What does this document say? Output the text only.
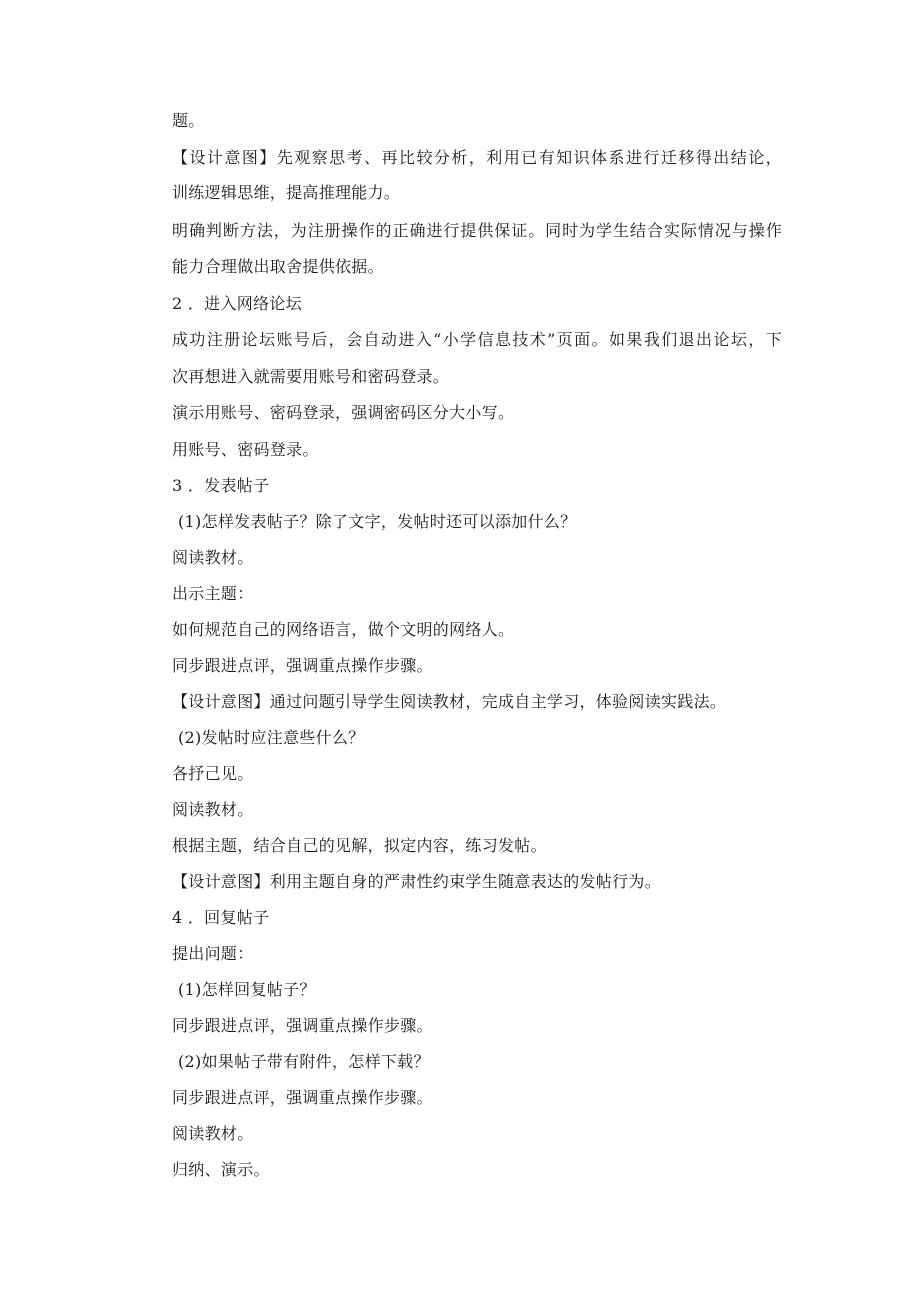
题。
【设计意图】先观察思考、再比较分析，利用已有知识体系进行迁移得出结论，
训练逻辑思维，提高推理能力。
明确判断方法，为注册操作的正确进行提供保证。同时为学生结合实际情况与操作
能力合理做出取舍提供依据。
2 ．进入网络论坛
成功注册论坛账号后，会自动进入“小学信息技术”页面。如果我们退出论坛，下
次再想进入就需要用账号和密码登录。
演示用账号、密码登录，强调密码区分大小写。
用账号、密码登录。
3 ．发表帖子
(1)怎样发表帖子？除了文字，发帖时还可以添加什么？
阅读教材。
出示主题：
如何规范自己的网络语言，做个文明的网络人。
同步跟进点评，强调重点操作步骤。
【设计意图】通过问题引导学生阅读教材，完成自主学习，体验阅读实践法。
(2)发帖时应注意些什么？
各抒己见。
阅读教材。
根据主题，结合自己的见解，拟定内容，练习发帖。
【设计意图】利用主题自身的严肃性约束学生随意表达的发帖行为。
4 ．回复帖子
提出问题：
(1)怎样回复帖子？
同步跟进点评，强调重点操作步骤。
(2)如果帖子带有附件，怎样下载？
同步跟进点评，强调重点操作步骤。
阅读教材。
归纳、演示。
